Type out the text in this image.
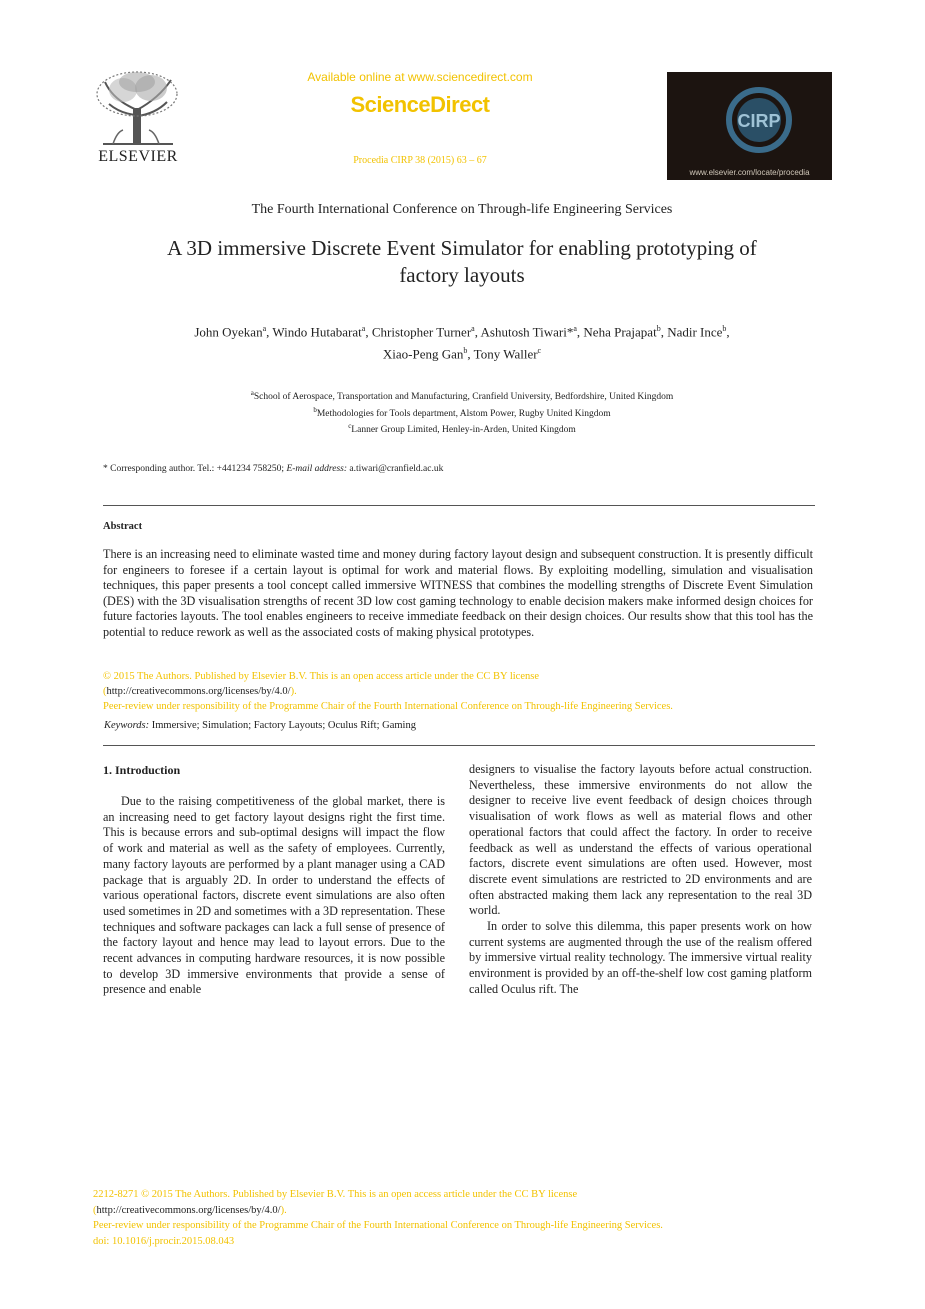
ELSEVIER
Available online at www.sciencedirect.com
ScienceDirect
Procedia CIRP 38 (2015) 63 – 67
CIRP
www.elsevier.com/locate/procedia
The Fourth International Conference on Through-life Engineering Services
A 3D immersive Discrete Event Simulator for enabling prototyping of
factory layouts
John Oyekan$^a$, Windo Hutabarat$^a$, Christopher Turner$^a$, Ashutosh Tiwari*$^a$, Neha Prajapat$^b$, Nadir Ince$^b$,
Xiao-Peng Gan$^b$, Tony Waller$^c$
$^a$School of Aerospace, Transportation and Manufacturing, Cranfield University, Bedfordshire, United Kingdom
$^b$Methodologies for Tools department, Alstom Power, Rugby United Kingdom
$^c$Lanner Group Limited, Henley-in-Arden, United Kingdom
* Corresponding author. Tel.: +441234 758250; E-mail address: a.tiwari@cranfield.ac.uk
Abstract
There is an increasing need to eliminate wasted time and money during factory layout design and subsequent construction. It is presently difficult for engineers to foresee if a certain layout is optimal for work and material flows. By exploiting modelling, simulation and visualisation techniques, this paper presents a tool concept called immersive WITNESS that combines the modelling strengths of Discrete Event Simulation (DES) with the 3D visualisation strengths of recent 3D low cost gaming technology to enable decision makers make informed design choices for future factories layouts. The tool enables engineers to receive immediate feedback on their design choices. Our results show that this tool has the potential to reduce rework as well as the associated costs of making physical prototypes.
© 2015 The Authors. Published by Elsevier B.V. This is an open access article under the CC BY license
(http://creativecommons.org/licenses/by/4.0/).
Peer-review under responsibility of the Programme Chair of the Fourth International Conference on Through-life Engineering Services.
Keywords: Immersive; Simulation; Factory Layouts; Oculus Rift; Gaming
1. Introduction

Due to the raising competitiveness of the global market, there is an increasing need to get factory layout designs right the first time. This is because errors and sub-optimal designs will impact the flow of work and material as well as the safety of employees. Currently, many factory layouts are performed by a plant manager using a CAD package that is arguably 2D. In order to understand the effects of various operational factors, discrete event simulations are also often used sometimes in 2D and sometimes with a 3D representation. These techniques and software packages can lack a full sense of presence of the factory layout and hence may lead to layout errors. Due to the recent advances in computing hardware resources, it is now possible to develop 3D immersive environments that provide a sense of presence and enable

designers to visualise the factory layouts before actual construction. Nevertheless, these immersive environments do not allow the designer to receive live event feedback of design choices through visualisation of work flows as well as material flows and other operational factors that could affect the factory. In order to receive feedback as well as understand the effects of various operational factors, discrete event simulations are often used. However, most discrete event simulations are restricted to 2D environments and are often abstracted making them lack any representation to the real 3D world.

In order to solve this dilemma, this paper presents work on how current systems are augmented through the use of the realism offered by immersive virtual reality technology. The immersive virtual reality environment is provided by an off-the-shelf low cost gaming platform called Oculus rift. The

2212-8271 © 2015 The Authors. Published by Elsevier B.V. This is an open access article under the CC BY license
(http://creativecommons.org/licenses/by/4.0/).
Peer-review under responsibility of the Programme Chair of the Fourth International Conference on Through-life Engineering Services.
doi: 10.1016/j.procir.2015.08.043
